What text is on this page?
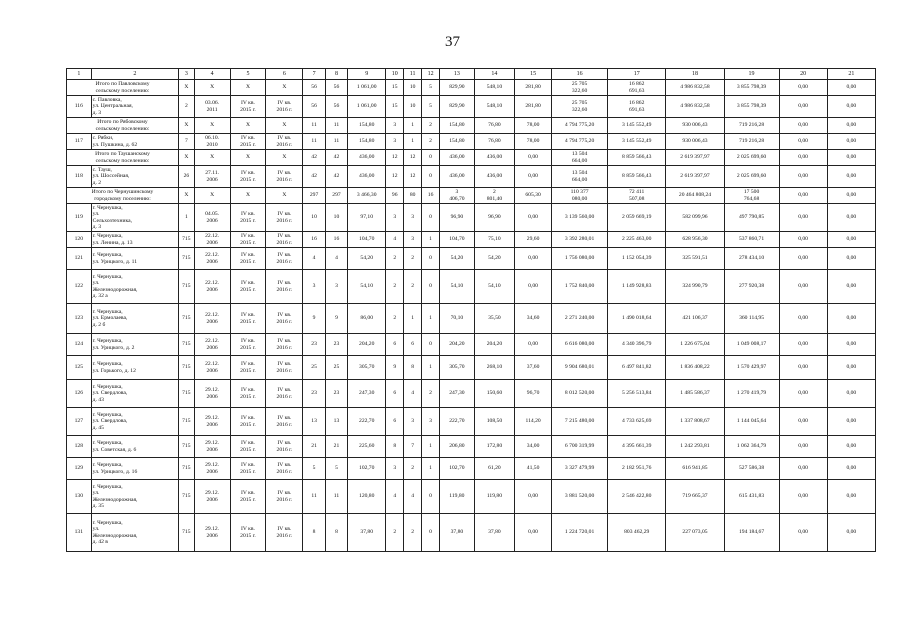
37
1	2	3	4	5	6	7	8	9	10	11	12	13	14	15	16	17	18	19	20	21
Итого по Павловскому
сельскому поселению:		X	X	X	X	56	56	1 061,00	15	10	5	829,90	548,10	281,80	25 705
322,60	16 862
691,63	4 986 832,58	3 855 798,39	0,00	0,00
116	с. Павловка,
ул. Центральная,
д. 3	2	03.06.
2011	IV кв.
2015 г.	IV кв.
2016 г.	56	56	1 061,00	15	10	5	829,90	548,10	281,80	25 705
322,60	16 862
691,63	4 986 832,58	3 855 798,39	0,00	0,00
Итого по Рябовскому
сельскому поселению:		X	X	X	X	11	11	154,80	3	1	2	154,80	76,80	78,00	4 794 775,20	3 145 552,49	930 006,43	719 216,28	0,00	0,00
117	с. Рябки,
ул. Пушкина, д. 62	7	06.10.
2010	IV кв.
2015 г.	IV кв.
2016 г.	11	11	154,80	3	1	2	154,80	76,80	78,00	4 794 775,20	3 145 552,49	930 006,43	719 216,28	0,00	0,00
Итого по Таушанскому
сельскому поселению:		X	X	X	X	42	42	436,00	12	12	0	436,00	436,00	0,00	13 504
664,00	8 859 566,43	2 619 397,97	2 025 699,60	0,00	0,00
118	с. Тауш,
ул. Шоссейная,
д. 2	26	27.11.
2006	IV кв.
2015 г.	IV кв.
2016 г.	42	42	436,00	12	12	0	436,00	436,00	0,00	13 504
664,00	8 859 566,43	2 619 397,97	2 025 699,60	0,00	0,00
Итого по Чернушинскому
городскому поселению:		X	X	X	X	297	297	3 466,30	96	80	16	3
406,70	2
801,40	605,30	110 377
080,00	72 411
507,08	20 464 808,24	17 500
764,68	0,00	0,00
119	г. Чернушка,
ул.
Сельхозтехника,
д. 3	1	04.05.
2006	IV кв.
2015 г.	IV кв.
2016 г.	10	10	97,10	3	3	0	96,90	96,90	0,00	3 139 560,00	2 059 669,19	582 099,96	497 790,85	0,00	0,00
120	г. Чернушка,
ул. Ленина, д. 13	715	22.12.
2006	IV кв.
2015 г.	IV кв.
2016 г.	16	16	104,70	4	3	1	104,70	75,10	29,60	3 392 280,01	2 225 463,00	628 956,30	537 860,71	0,00	0,00
121	г. Чернушка,
ул. Урицкого, д. 11	715	22.12.
2006	IV кв.
2015 г.	IV кв.
2016 г.	4	4	54,20	2	2	0	54,20	54,20	0,00	1 756 080,00	1 152 054,39	325 591,51	278 434,10	0,00	0,00
122	г. Чернушка,
ул.
Железнодорожная,
д. 32 а	715	22.12.
2006	IV кв.
2015 г.	IV кв.
2016 г.	3	3	54,10	2	2	0	54,10	54,10	0,00	1 752 840,00	1 149 928,83	324 990,79	277 920,38	0,00	0,00
123	г. Чернушка,
ул. Ермолаева,
д. 2 б	715	22.12.
2006	IV кв.
2015 г.	IV кв.
2016 г.	9	9	86,00	2	1	1	70,10	35,50	34,60	2 271 240,00	1 490 018,64	421 106,37	360 114,95	0,00	0,00
124	г. Чернушка,
ул. Урицкого, д. 2	715	22.12.
2006	IV кв.
2015 г.	IV кв.
2016 г.	23	23	204,20	6	6	0	204,20	204,20	0,00	6 616 080,00	4 340 396,79	1 226 675,04	1 049 008,17	0,00	0,00
125	г. Чернушка,
ул. Горького, д. 12	715	22.12.
2006	IV кв.
2015 г.	IV кв.
2016 г.	25	25	305,70	9	8	1	305,70	268,10	37,60	9 904 680,01	6 497 841,82	1 836 408,22	1 570 429,97	0,00	0,00
126	г. Чернушка,
ул. Свердлова,
д. 43	715	29.12.
2006	IV кв.
2015 г.	IV кв.
2016 г.	23	23	247,30	6	4	2	247,30	150,60	96,70	8 012 520,00	5 256 513,84	1 485 586,37	1 270 419,79	0,00	0,00
127	г. Чернушка,
ул. Свердлова,
д. 45	715	29.12.
2006	IV кв.
2015 г.	IV кв.
2016 г.	13	13	222,70	6	3	3	222,70	108,50	114,20	7 215 480,00	4 733 625,69	1 337 808,67	1 144 045,64	0,00	0,00
128	г. Чернушка,
ул. Советская, д. 6	715	29.12.
2006	IV кв.
2015 г.	IV кв.
2016 г.	21	21	225,60	8	7	1	206,80	172,80	34,00	6 700 319,99	4 395 661,39	1 242 293,81	1 062 364,79	0,00	0,00
129	г. Чернушка,
ул. Урицкого, д. 16	715	29.12.
2006	IV кв.
2015 г.	IV кв.
2016 г.	5	5	102,70	3	2	1	102,70	61,20	41,50	3 327 479,99	2 182 951,76	616 941,85	527 586,38	0,00	0,00
130	г. Чернушка,
ул.
Железнодорожная,
д. 35	715	29.12.
2006	IV кв.
2015 г.	IV кв.
2016 г.	11	11	120,80	4	4	0	119,80	119,80	0,00	3 881 520,00	2 546 422,80	719 665,37	615 431,83	0,00	0,00
131	г. Чернушка,
ул.
Железнодорожная,
д. 42 в	715	29.12.
2006	IV кв.
2015 г.	IV кв.
2016 г.	8	8	37,80	2	2	0	37,80	37,80	0,00	1 224 720,01	803 462,29	227 073,05	194 184,67	0,00	0,00
